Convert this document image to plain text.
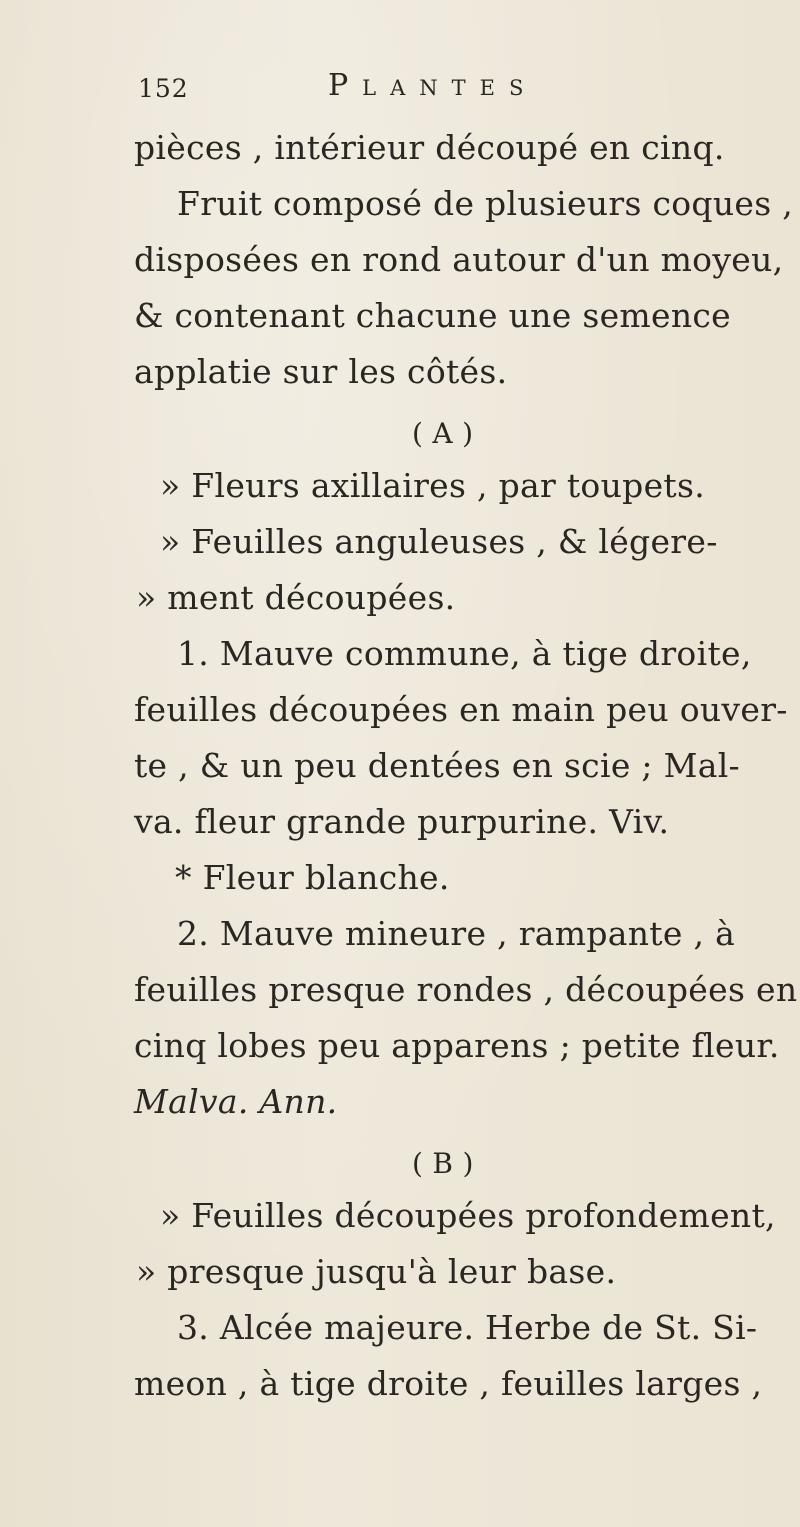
152	Plantes
pièces , intérieur découpé en cinq.
Fruit composé de plusieurs coques ,
disposées en rond autour d'un moyeu,
& contenant chacune une semence
applatie sur les côtés.
( A )
» Fleurs axillaires , par toupets.
» Feuilles anguleuses , & légere-
» ment découpées.
1. Mauve commune, à tige droite,
feuilles découpées en main peu ouver-
te , & un peu dentées en scie ; Mal-
va. fleur grande purpurine. Viv.
* Fleur blanche.
2. Mauve mineure , rampante , à
feuilles presque rondes , découpées en
cinq lobes peu apparens ; petite fleur.
Malva. Ann.
( B )
» Feuilles découpées profondement,
» presque jusqu'à leur base.
3. Alcée majeure. Herbe de St. Si-
meon , à tige droite , feuilles larges ,
